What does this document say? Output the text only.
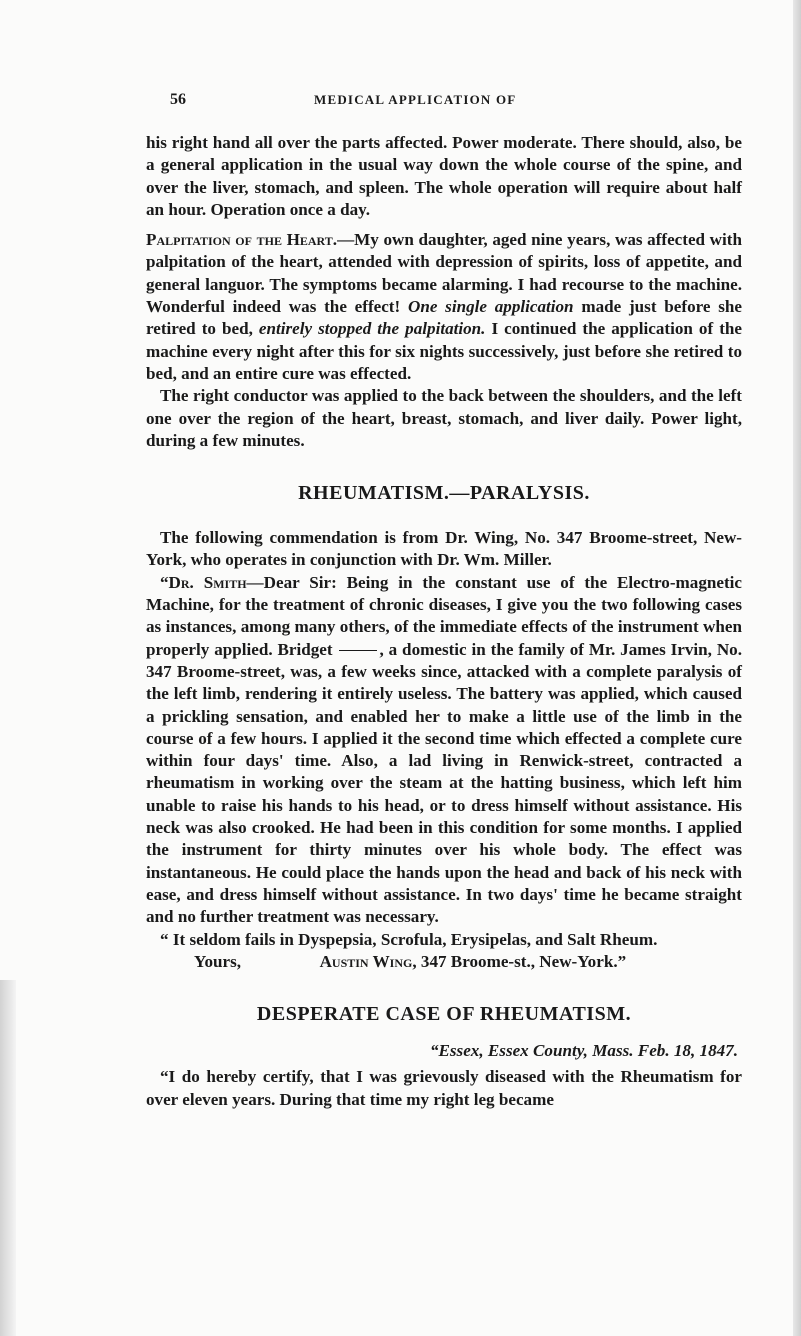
56	MEDICAL APPLICATION OF

his right hand all over the parts affected. Power moderate. There should, also, be a general application in the usual way down the whole course of the spine, and over the liver, stomach, and spleen. The whole operation will require about half an hour. Operation once a day.

Palpitation of the Heart.—My own daughter, aged nine years, was affected with palpitation of the heart, attended with depression of spirits, loss of appetite, and general languor. The symptoms became alarming. I had recourse to the machine. Wonderful indeed was the effect! One single application made just before she retired to bed, entirely stopped the palpitation. I continued the application of the machine every night after this for six nights successively, just before she retired to bed, and an entire cure was effected.

The right conductor was applied to the back between the shoulders, and the left one over the region of the heart, breast, stomach, and liver daily. Power light, during a few minutes.

RHEUMATISM.—PARALYSIS.

The following commendation is from Dr. Wing, No. 347 Broome-street, New-York, who operates in conjunction with Dr. Wm. Miller.

“Dr. Smith—Dear Sir: Being in the constant use of the Electro-magnetic Machine, for the treatment of chronic diseases, I give you the two following cases as instances, among many others, of the immediate effects of the instrument when properly applied. Bridget , a domestic in the family of Mr. James Irvin, No. 347 Broome-street, was, a few weeks since, attacked with a complete paralysis of the left limb, rendering it entirely useless. The battery was applied, which caused a prickling sensation, and enabled her to make a little use of the limb in the course of a few hours. I applied it the second time which effected a complete cure within four days' time. Also, a lad living in Renwick-street, contracted a rheumatism in working over the steam at the hatting business, which left him unable to raise his hands to his head, or to dress himself without assistance. His neck was also crooked. He had been in this condition for some months. I applied the instrument for thirty minutes over his whole body. The effect was instantaneous. He could place the hands upon the head and back of his neck with ease, and dress himself without assistance. In two days' time he became straight and no further treatment was necessary.

“ It seldom fails in Dyspepsia, Scrofula, Erysipelas, and Salt Rheum.

Yours,	Austin Wing, 347 Broome-st., New-York.”

DESPERATE CASE OF RHEUMATISM.

“Essex, Essex County, Mass. Feb. 18, 1847.

“I do hereby certify, that I was grievously diseased with the Rheumatism for over eleven years. During that time my right leg became
